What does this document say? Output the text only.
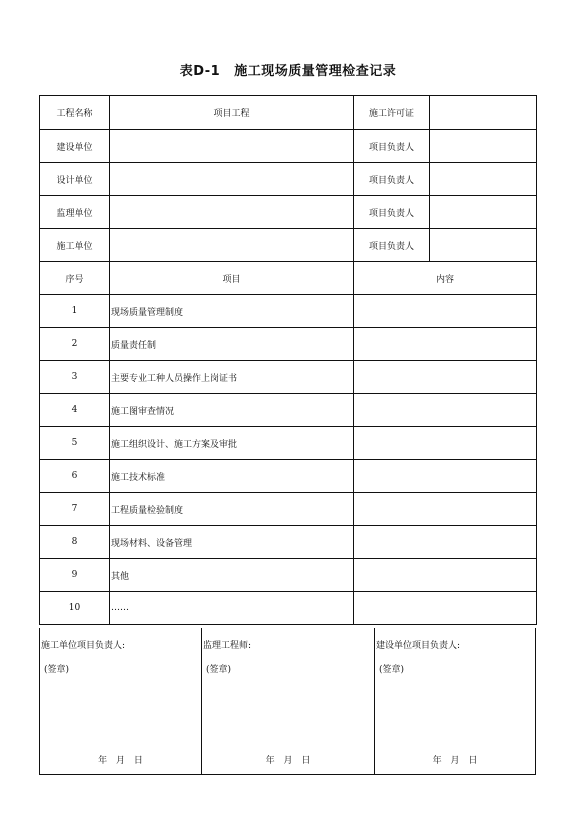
表D-1 施工现场质量管理检查记录
工程名称	项目工程	施工许可证	
建设单位		项目负责人	
设计单位		项目负责人	
监理单位		项目负责人	
施工单位		项目负责人	
序号	项目	内容	
1	现场质量管理制度		
2	质量责任制		
3	主要专业工种人员操作上岗证书		
4	施工图审查情况		
5	施工组织设计、施工方案及审批		
6	施工技术标准		
7	工程质量检验制度		
8	现场材料、设备管理		
9	其他		
10	……		
施工单位项目负责人:
(签章)
年 月 日
监理工程师:
(签章)
年 月 日
建设单位项目负责人:
(签章)
年 月 日
